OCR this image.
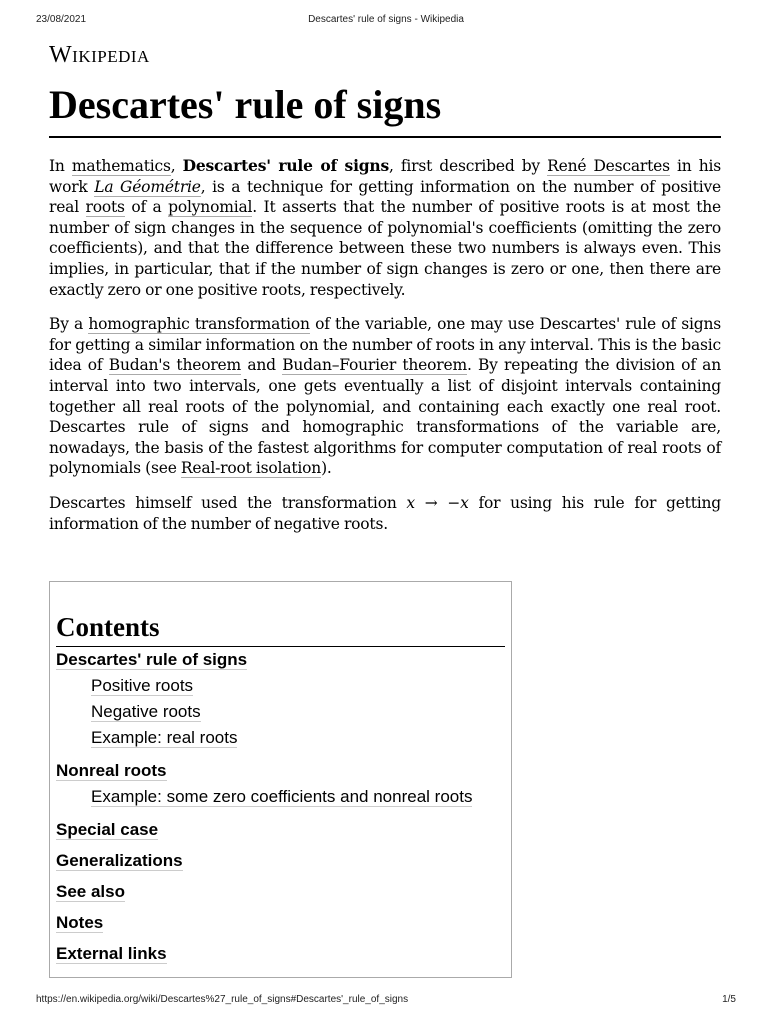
23/08/2021	Descartes' rule of signs - Wikipedia
Wikipedia
Descartes' rule of signs

In mathematics, Descartes' rule of signs, first described by René Descartes in his work La Géométrie, is a technique for getting information on the number of positive real roots of a polynomial. It asserts that the number of positive roots is at most the number of sign changes in the sequence of polynomial's coefficients (omitting the zero coefficients), and that the difference between these two numbers is always even. This implies, in particular, that if the number of sign changes is zero or one, then there are exactly zero or one positive roots, respectively.

By a homographic transformation of the variable, one may use Descartes' rule of signs for getting a similar information on the number of roots in any interval. This is the basic idea of Budan's theorem and Budan–Fourier theorem. By repeating the division of an interval into two intervals, one gets eventually a list of disjoint intervals containing together all real roots of the polynomial, and containing each exactly one real root. Descartes rule of signs and homographic transformations of the variable are, nowadays, the basis of the fastest algorithms for computer computation of real roots of polynomials (see Real-root isolation).

Descartes himself used the transformation x → −x for using his rule for getting information of the number of negative roots.

Contents
Descartes' rule of signs
Positive roots
Negative roots
Example: real roots
Nonreal roots
Example: some zero coefficients and nonreal roots
Special case
Generalizations
See also
Notes
External links
https://en.wikipedia.org/wiki/Descartes%27_rule_of_signs#Descartes'_rule_of_signs	1/5
